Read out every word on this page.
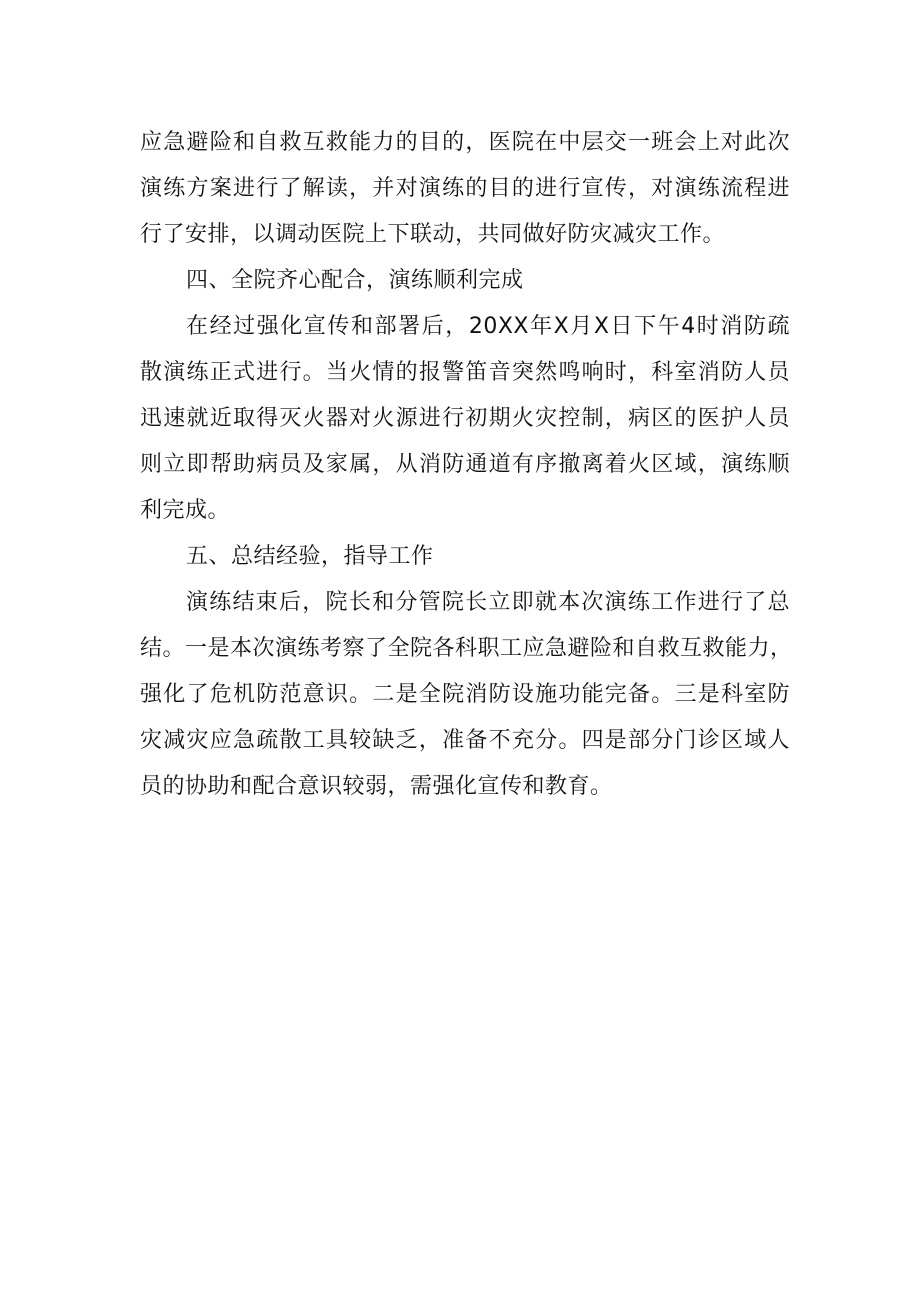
应急避险和自救互救能力的目的，医院在中层交一班会上对此次
演练方案进行了解读，并对演练的目的进行宣传，对演练流程进
行了安排，以调动医院上下联动，共同做好防灾减灾工作。
四、全院齐心配合，演练顺利完成
在经过强化宣传和部署后，20XX年X月X日下午4时消防疏
散演练正式进行。当火情的报警笛音突然鸣响时，科室消防人员
迅速就近取得灭火器对火源进行初期火灾控制，病区的医护人员
则立即帮助病员及家属，从消防通道有序撤离着火区域，演练顺
利完成。
五、总结经验，指导工作
演练结束后，院长和分管院长立即就本次演练工作进行了总
结。一是本次演练考察了全院各科职工应急避险和自救互救能力，
强化了危机防范意识。二是全院消防设施功能完备。三是科室防
灾减灾应急疏散工具较缺乏，准备不充分。四是部分门诊区域人
员的协助和配合意识较弱，需强化宣传和教育。
